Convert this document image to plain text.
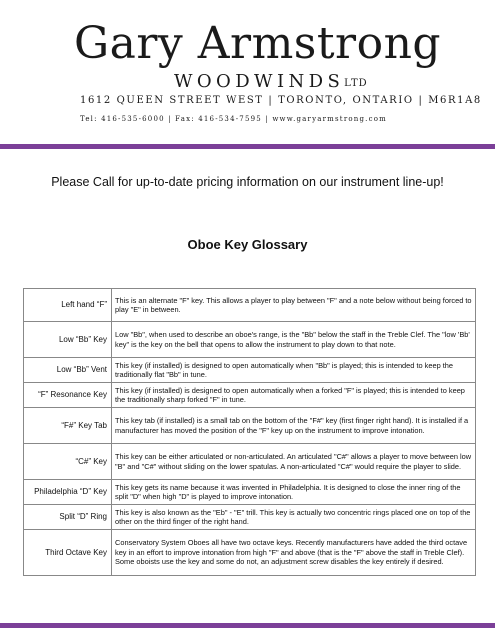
Gary Armstrong
$WOODWINDS^{LTD}$
1612 QUEEN STREET WEST | TORONTO, ONTARIO | M6R1A8
Tel: 416-535-6000 | Fax: 416-534-7595 | www.garyarmstrong.com
Please Call for up-to-date pricing information on our instrument line-up!
Oboe Key Glossary
Left hand “F”	This is an alternate "F" key. This allows a player to play between "F" and a note below without being forced to play "E" in between.
Low “Bb” Key	Low "Bb", when used to describe an oboe's range, is the "Bb" below the staff in the Treble Clef. The "low 'Bb' key" is the key on the bell that opens to allow the instrument to play down to that note.
Low “Bb” Vent	This key (if installed) is designed to open automatically when "Bb" is played; this is intended to keep the traditionally flat "Bb" in tune.
“F” Resonance Key	This key (if installed) is designed to open automatically when a forked "F" is played; this is intended to keep the traditionally sharp forked "F" in tune.
“F#” Key Tab	This key tab (if installed) is a small tab on the bottom of the "F#" key (first finger right hand). It is installed if a manufacturer has moved the position of the "F" key up on the instrument to improve intonation.
“C#” Key	This key can be either articulated or non-articulated. An articulated "C#" allows a player to move between low "B" and "C#" without sliding on the lower spatulas. A non-articulated "C#" would require the player to slide.
Philadelphia “D” Key	This key gets its name because it was invented in Philadelphia. It is designed to close the inner ring of the split "D" when high "D" is played to improve intonation.
Split “D” Ring	This key is also known as the "Eb" - "E" trill. This key is actually two concentric rings placed one on top of the other on the third finger of the right hand.
Third Octave Key	Conservatory System Oboes all have two octave keys. Recently manufacturers have added the third octave key in an effort to improve intonation from high "F" and above (that is the "F" above the staff in Treble Clef). Some oboists use the key and some do not, an adjustment screw disables the key entirely if desired.
